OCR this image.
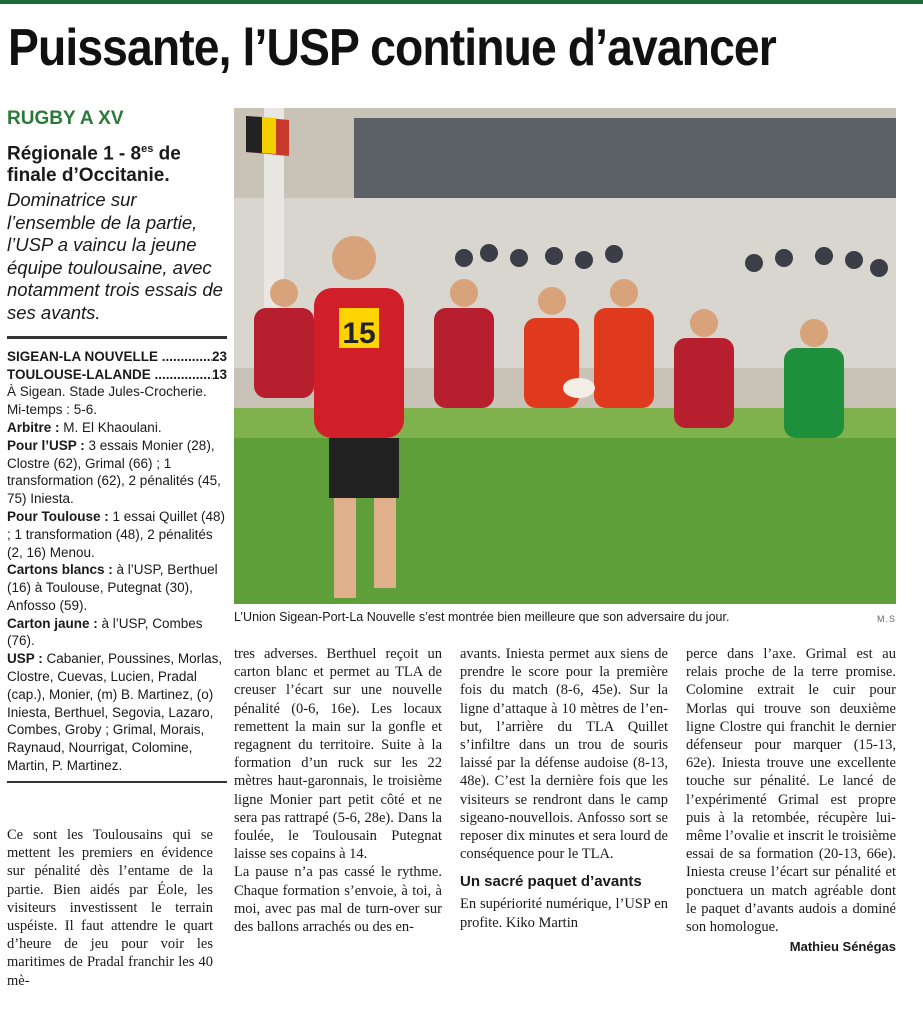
Puissante, l’USP continue d’avancer
RUGBY A XV
Régionale $1 - 8^{es}$ de finale d’Occitanie.
Dominatrice sur l’ensemble de la partie, l’USP a vaincu la jeune équipe toulousaine, avec notamment trois essais de ses avants.
SIGEAN-LA NOUVELLE .....	23
TOULOUSE-LALANDE .....	13

À Sigean. Stade Jules-Crocherie. Mi-temps : 5-6.

Arbitre : M. El Khaoulani.

Pour l’USP : 3 essais Monier (28), Clostre (62), Grimal (66) ; 1 transformation (62), 2 pénalités (45, 75) Iniesta.

Pour Toulouse : 1 essai Quillet (48) ; 1 transformation (48), 2 pénalités (2, 16) Menou.

Cartons blancs : à l’USP, Berthuel (16) à Toulouse, Putegnat (30), Anfosso (59).

Carton jaune : à l’USP, Combes (76).

USP : Cabanier, Poussines, Morlas, Clostre, Cuevas, Lucien, Pradal (cap.), Monier, (m) B. Martinez, (o) Iniesta, Berthuel, Segovia, Lazaro, Combes, Groby ; Grimal, Morais, Raynaud, Nourrigat, Colomine, Martin, P. Martinez.

Ce sont les Toulousains qui se mettent les premiers en évidence sur pénalité dès l’entame de la partie. Bien aidés par Éole, les visiteurs investissent le terrain uspéiste. Il faut attendre le quart d’heure de jeu pour voir les maritimes de Pradal franchir les 40 mè-

15
L’Union Sigean-Port-La Nouvelle s’est montrée bien meilleure que son adversaire du jour.	M.S

tres adverses. Berthuel reçoit un carton blanc et permet au TLA de creuser l’écart sur une nouvelle pénalité (0-6, 16e). Les locaux remettent la main sur la gonfle et regagnent du territoire. Suite à la formation d’un ruck sur les 22 mètres haut-garonnais, le troisième ligne Monier part petit côté et ne sera pas rattrapé (5-6, 28e). Dans la foulée, le Toulousain Putegnat laisse ses copains à 14.

La pause n’a pas cassé le rythme. Chaque formation s’envoie, à toi, à moi, avec pas mal de turn-over sur des ballons arrachés ou des en-

avants. Iniesta permet aux siens de prendre le score pour la première fois du match (8-6, 45e). Sur la ligne d’attaque à 10 mètres de l’en-but, l’arrière du TLA Quillet s’infiltre dans un trou de souris laissé par la défense audoise (8-13, 48e). C’est la dernière fois que les visiteurs se rendront dans le camp sigeano-nouvellois. Anfosso sort se reposer dix minutes et sera lourd de conséquence pour le TLA.

Un sacré paquet d’avants

En supériorité numérique, l’USP en profite. Kiko Martin

perce dans l’axe. Grimal est au relais proche de la terre promise. Colomine extrait le cuir pour Morlas qui trouve son deuxième ligne Clostre qui franchit le dernier défenseur pour marquer (15-13, 62e). Iniesta trouve une excellente touche sur pénalité. Le lancé de l’expérimenté Grimal est propre puis à la retombée, récupère lui-même l’ovalie et inscrit le troisième essai de sa formation (20-13, 66e). Iniesta creuse l’écart sur pénalité et ponctuera un match agréable dont le paquet d’avants audois a dominé son homologue.

Mathieu Sénégas
